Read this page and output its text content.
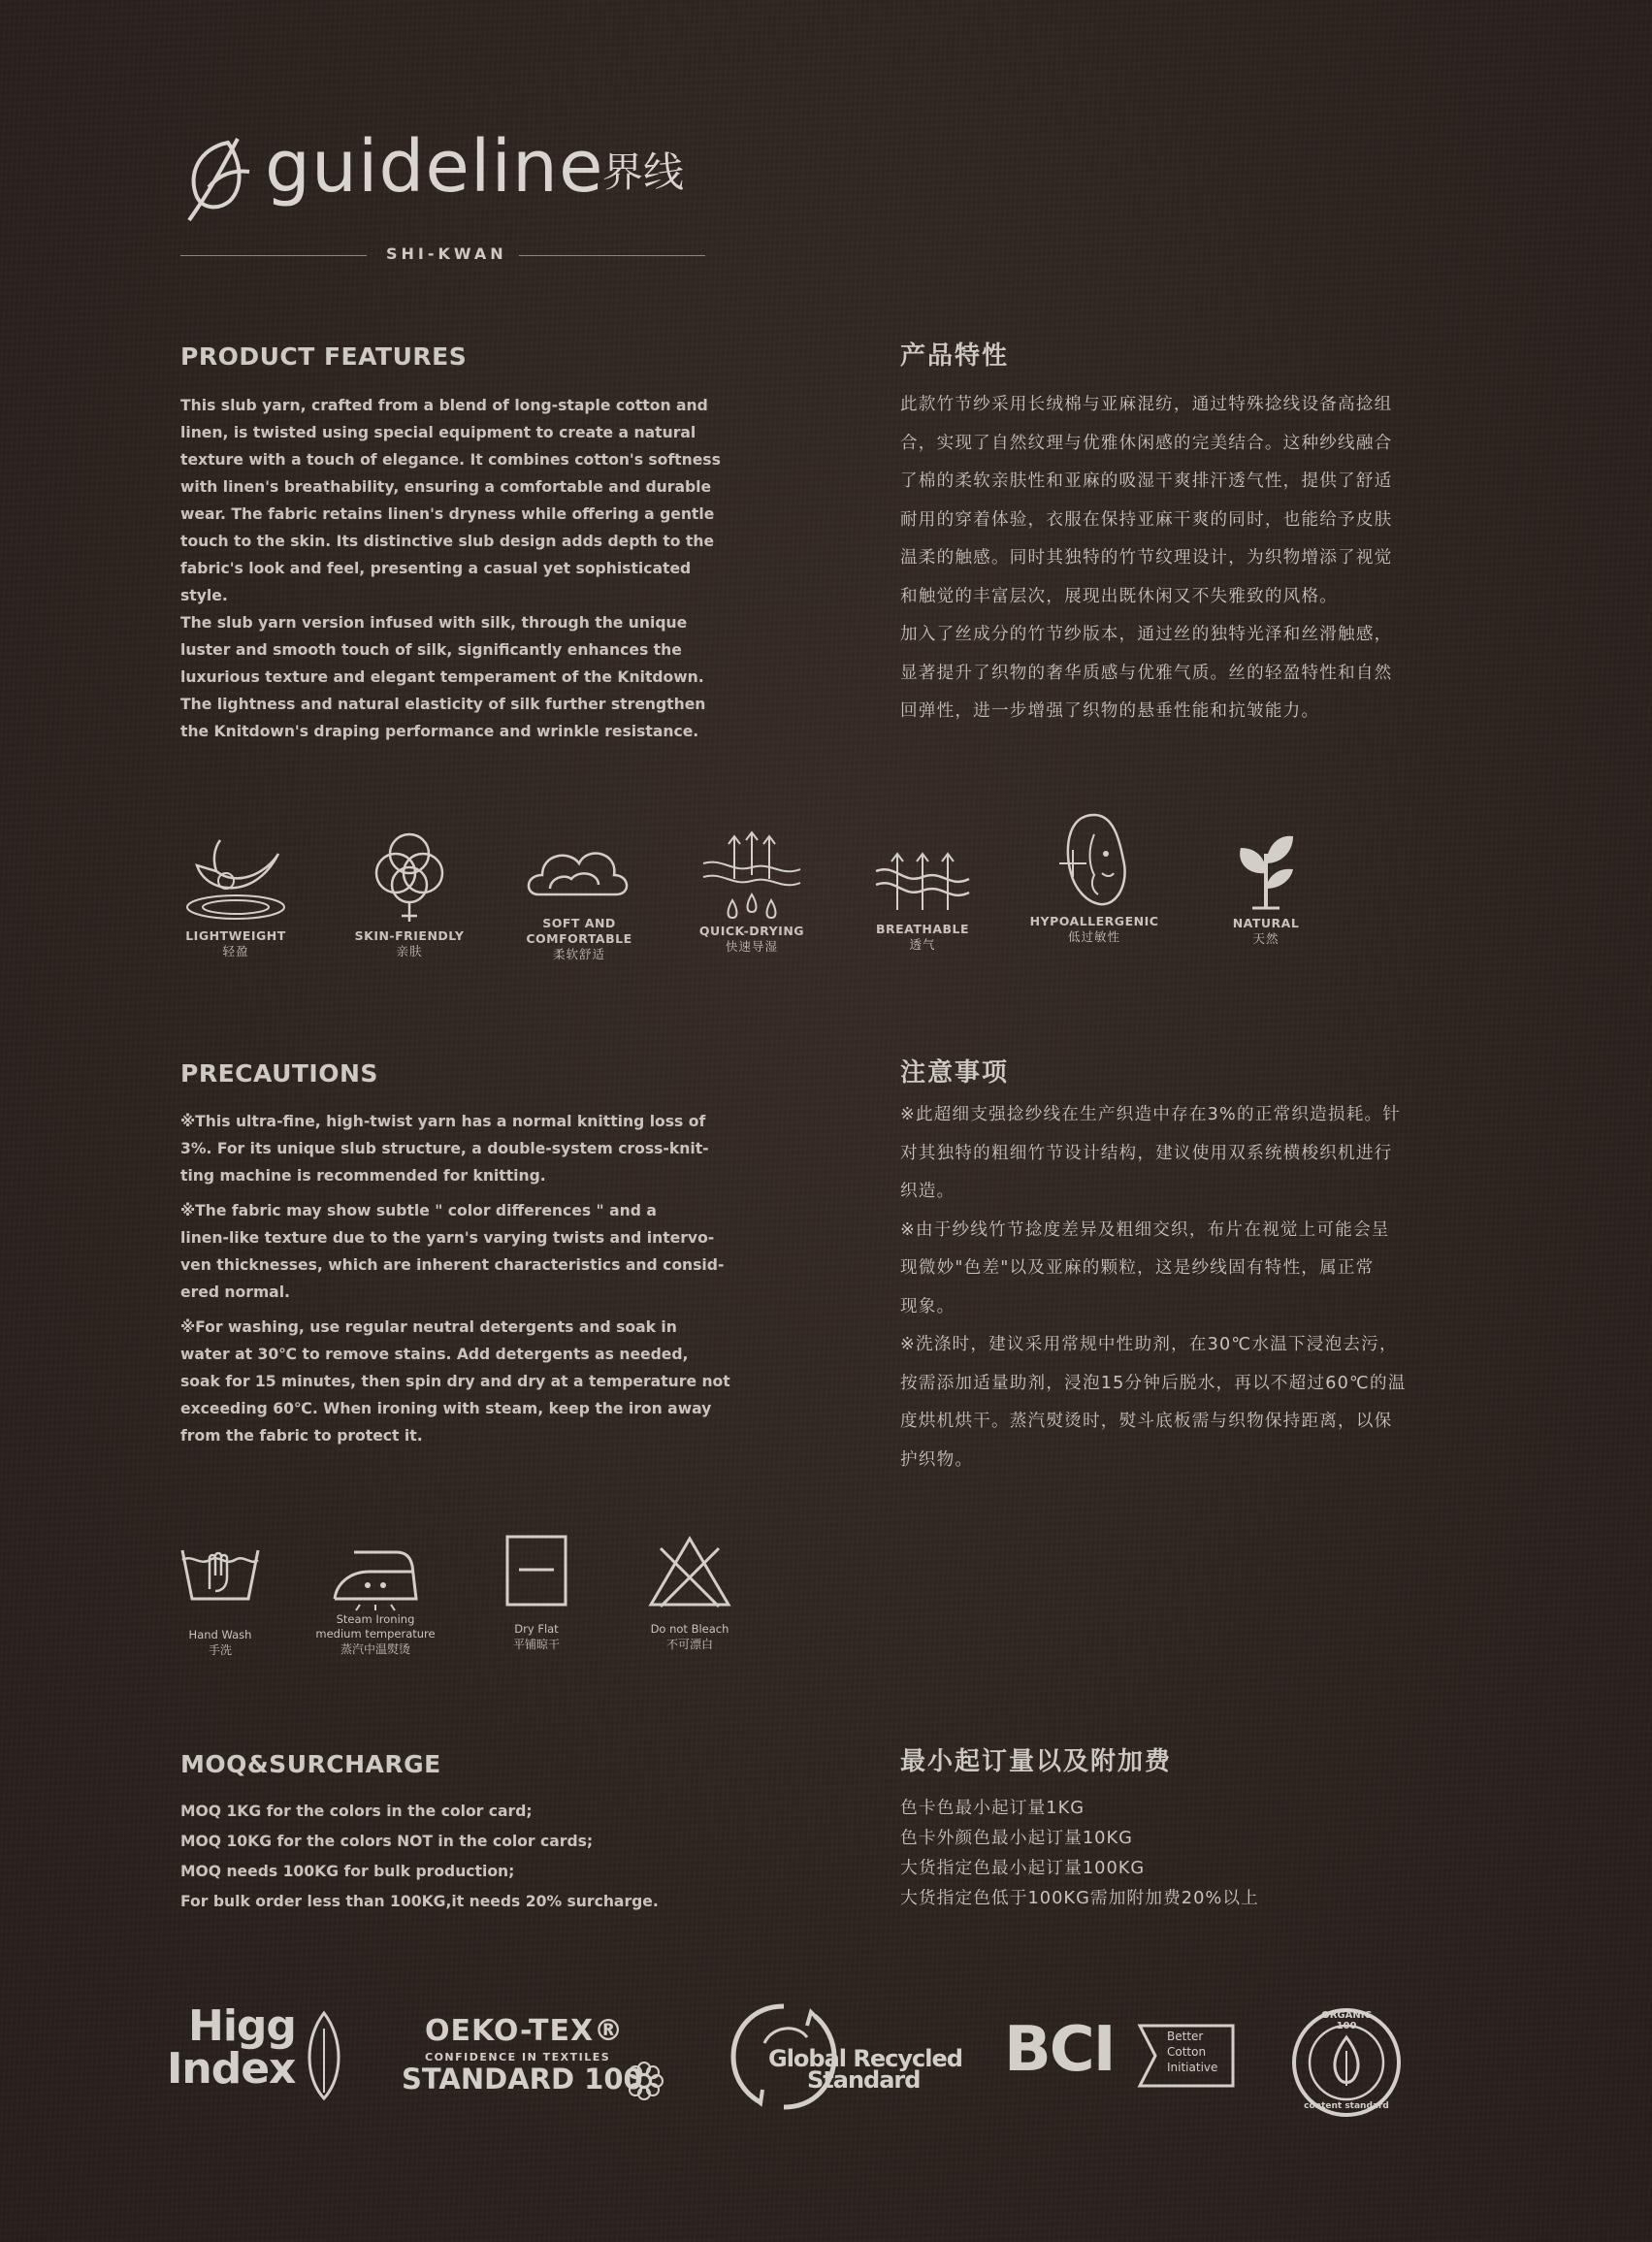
guideline
界线
SHI-KWAN
PRODUCT FEATURES

This slub yarn, crafted from a blend of long-staple cotton and

linen, is twisted using special equipment to create a natural

texture with a touch of elegance. It combines cotton's softness

with linen's breathability, ensuring a comfortable and durable

wear. The fabric retains linen's dryness while offering a gentle

touch to the skin. Its distinctive slub design adds depth to the

fabric's look and feel, presenting a casual yet sophisticated

style.

The slub yarn version infused with silk, through the unique

luster and smooth touch of silk, significantly enhances the

luxurious texture and elegant temperament of the Knitdown.

The lightness and natural elasticity of silk further strengthen

the Knitdown's draping performance and wrinkle resistance.

产品特性

此款竹节纱采用长绒棉与亚麻混纺，通过特殊捻线设备高捻组

合，实现了自然纹理与优雅休闲感的完美结合。这种纱线融合

了棉的柔软亲肤性和亚麻的吸湿干爽排汗透气性，提供了舒适

耐用的穿着体验，衣服在保持亚麻干爽的同时，也能给予皮肤

温柔的触感。同时其独特的竹节纹理设计，为织物增添了视觉

和触觉的丰富层次，展现出既休闲又不失雅致的风格。

加入了丝成分的竹节纱版本，通过丝的独特光泽和丝滑触感，

显著提升了织物的奢华质感与优雅气质。丝的轻盈特性和自然

回弹性，进一步增强了织物的悬垂性能和抗皱能力。

LIGHTWEIGHT
轻盈
SKIN-FRIENDLY
亲肤
SOFT AND
COMFORTABLE
柔软舒适
QUICK-DRYING
快速导湿
BREATHABLE
透气
HYPOALLERGENIC
低过敏性
NATURAL
天然
PRECAUTIONS

※This ultra-fine, high-twist yarn has a normal knitting loss of

3%. For its unique slub structure, a double-system cross-knit-

ting machine is recommended for knitting.

※The fabric may show subtle " color differences " and a

linen-like texture due to the yarn's varying twists and intervo-

ven thicknesses, which are inherent characteristics and consid-

ered normal.

※For washing, use regular neutral detergents and soak in

water at 30℃ to remove stains. Add detergents as needed,

soak for 15 minutes, then spin dry and dry at a temperature not

exceeding 60℃. When ironing with steam, keep the iron away

from the fabric to protect it.

注意事项

※此超细支强捻纱线在生产织造中存在3%的正常织造损耗。针

对其独特的粗细竹节设计结构，建议使用双系统横梭织机进行

织造。

※由于纱线竹节捻度差异及粗细交织，布片在视觉上可能会呈

现微妙"色差"以及亚麻的颗粒，这是纱线固有特性，属正常

现象。

※洗涤时，建议采用常规中性助剂，在30℃水温下浸泡去污，

按需添加适量助剂，浸泡15分钟后脱水，再以不超过60℃的温

度烘机烘干。蒸汽熨烫时，熨斗底板需与织物保持距离，以保

护织物。

Hand Wash
手洗
Steam Ironing
medium temperature
蒸汽中温熨烫
Dry Flat
平铺晾干
Do not Bleach
不可漂白
MOQ&SURCHARGE

MOQ 1KG for the colors in the color card;

MOQ 10KG for the colors NOT in the color cards;

MOQ needs 100KG for bulk production;

For bulk order less than 100KG,it needs 20% surcharge.

最小起订量以及附加费

色卡色最小起订量1KG

色卡外颜色最小起订量10KG

大货指定色最小起订量100KG

大货指定色低于100KG需加附加费20%以上

Higg
Index
OEKO-TEX®
CONFIDENCE IN TEXTILES
STANDARD 100
Global Recycled
Standard BCI	Better
Cotton
Initiative
ORGANIC 100
content standard
